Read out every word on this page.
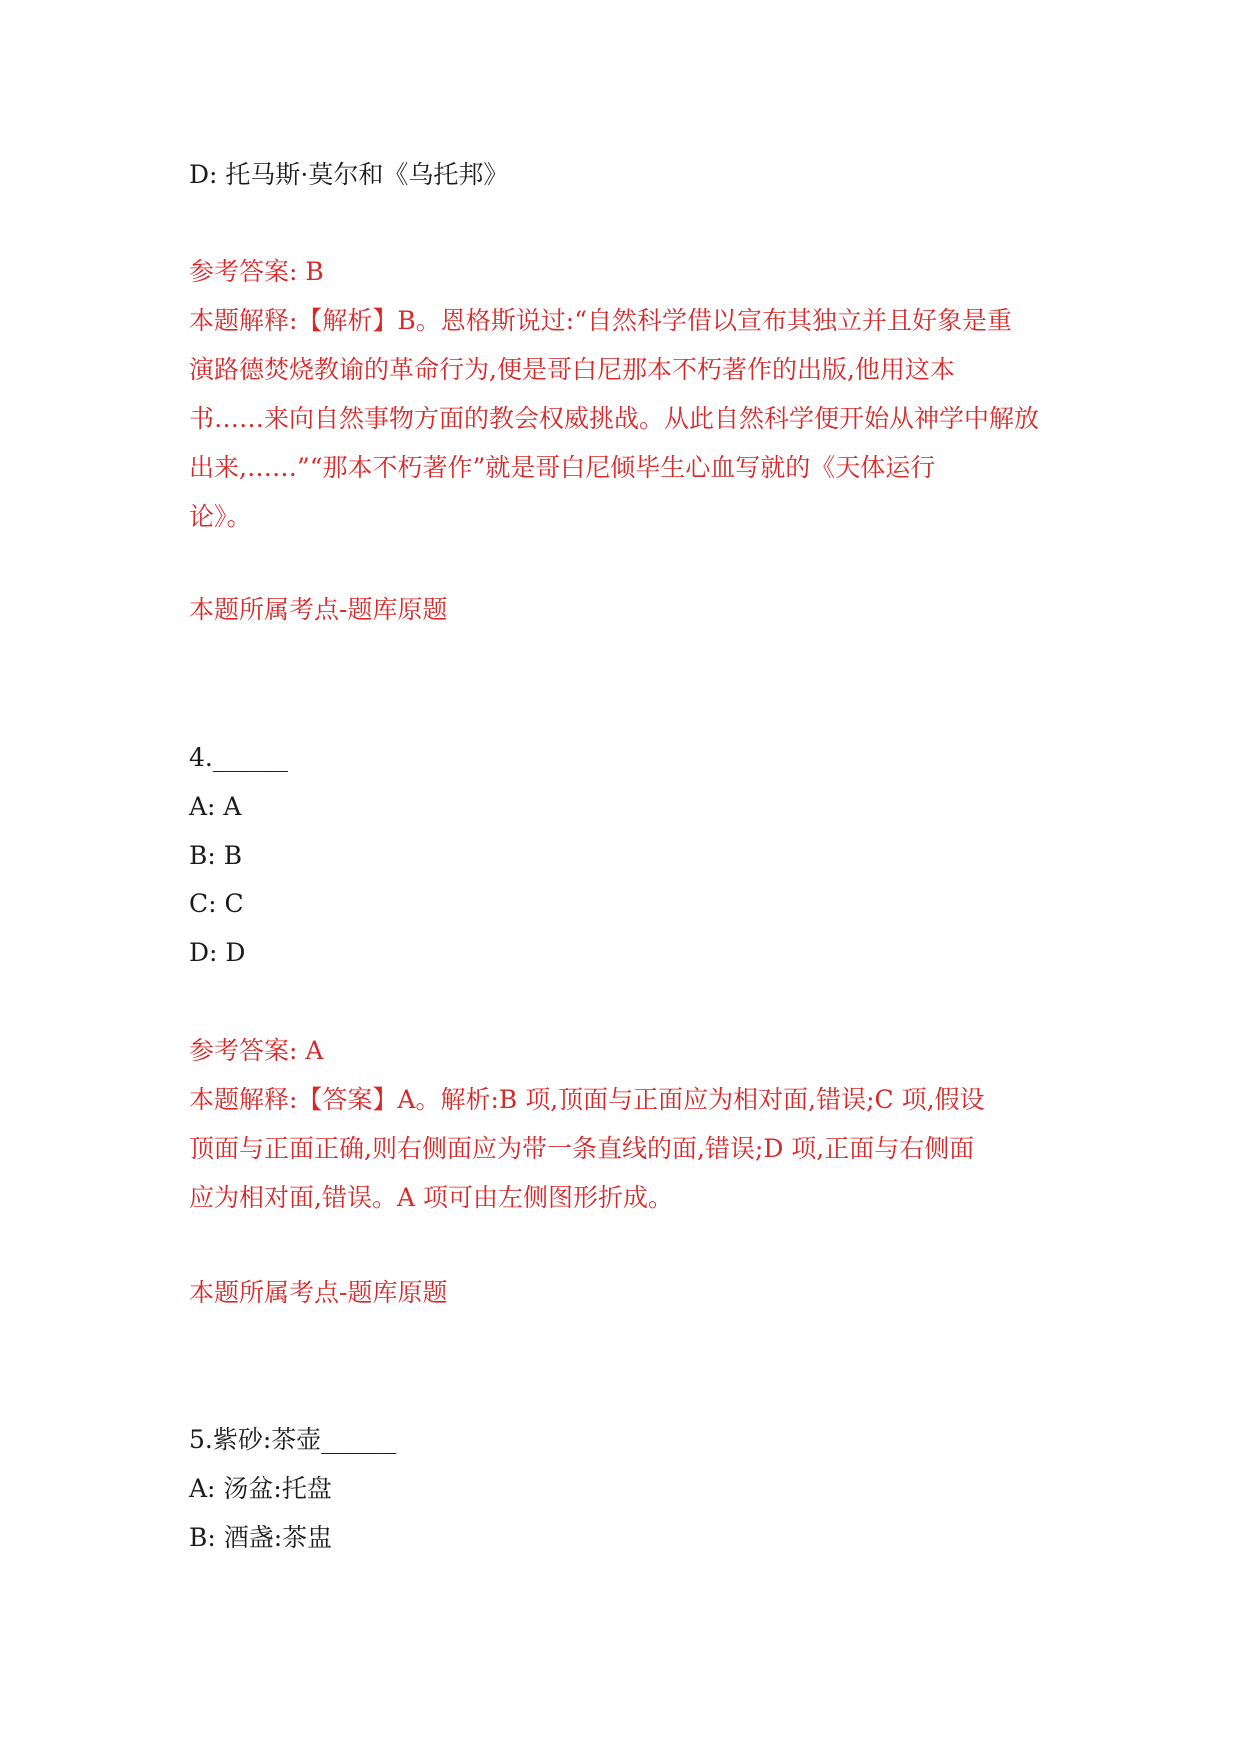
D: 托马斯·莫尔和《乌托邦》
参考答案: B
本题解释:【解析】B。恩格斯说过:“自然科学借以宣布其独立并且好象是重
演路德焚烧教谕的革命行为,便是哥白尼那本不朽著作的出版,他用这本
书……来向自然事物方面的教会权威挑战。从此自然科学便开始从神学中解放
出来,……”“那本不朽著作”就是哥白尼倾毕生心血写就的《天体运行
论》。
本题所属考点-题库原题
4.______
A: A
B: B
C: C
D: D
参考答案: A
本题解释:【答案】A。解析:B 项,顶面与正面应为相对面,错误;C 项,假设
顶面与正面正确,则右侧面应为带一条直线的面,错误;D 项,正面与右侧面
应为相对面,错误。A 项可由左侧图形折成。
本题所属考点-题库原题
5.紫砂:茶壶______
A: 汤盆:托盘
B: 酒盏:茶盅
